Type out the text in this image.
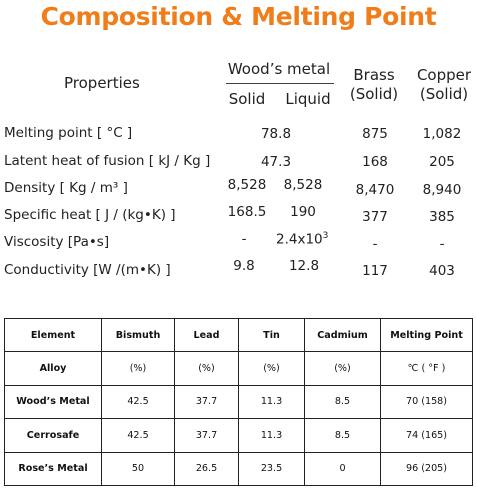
Composition & Melting Point
Properties
Wood’s metal
Solid	Liquid
Brass
(Solid)
Copper
(Solid)
Melting point [ °C ]	78.8	875	1,082
Latent heat of fusion [ kJ / Kg ]	47.3	168	205
Density [ Kg / m³ ]	8,528	8,528	8,470	8,940
Specific heat [ J / (kg•K) ]	168.5	190	377	385
Viscosity [Pa•s]	-	$2.4x10^3$	-	-
Conductivity [W /(m•K) ]	9.8	12.8	117	403
Element	Bismuth	Lead	Tin	Cadmium	Melting Point
Alloy	(%)	(%)	(%)	(%)	℃ ( °F )
Wood’s Metal	42.5	37.7	11.3	8.5	70 (158)
Cerrosafe	42.5	37.7	11.3	8.5	74 (165)
Rose’s Metal	50	26.5	23.5	0	96 (205)
